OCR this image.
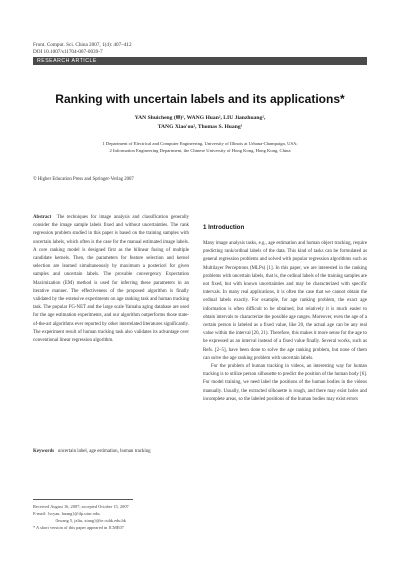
Front. Comput. Sci. China 2007, 1(4): 407–412
DOI 10.1007/s11704-007-0039-7
RESEARCH ARTICLE
Ranking with uncertain labels and its applications*
YAN Shuicheng (✉)¹, WANG Huan², LIU Jianzhuang²,
TANG Xiao'ou², Thomas S. Huang¹
1 Department of Electrical and Computer Engineering, University of Illinois at Urbana-Champaign, USA;
2 Information Engineering Department, the Chinese University of Hong Kong, Hong Kong, China
© Higher Education Press and Springer-Verlag 2007

Abstract The techniques for image analysis and classification generally consider the image sample labels fixed and without uncertainties. The rank regression problem studied in this paper is based on the training samples with uncertain labels, which often is the case for the manual estimated image labels. A core ranking model is designed first as the bilinear fusing of multiple candidate kernels. Then, the parameters for feature selection and kernel selection are learned simultaneously by maximum a posteriori for given samples and uncertain labels. The provable convergency Expectation Maximization (EM) method is used for inferring these parameters in an iterative manner. The effectiveness of the proposed algorithm is finally validated by the extensive experiments on age ranking task and human tracking task. The popular FG-NET and the large scale Yamaha aging database are used for the age estimation experiments, and our algorithm outperforms those state-of-the-art algorithms ever reported by other interrelated literatures significantly. The experiment result of human tracking task also validates its advantage over conventional linear regression algorithm.

Keywords uncertain label, age estimation, human tracking

Received August 16, 2007; accepted October 15, 2007
E-mail: {scyan, huang}@ifp.uiuc.edu,
{hwang 5, jzliu, xtang}@ie.cuhk.edu.hk
* A short version of this paper appeared in ICME07
1 Introduction

Many image analysis tasks, e.g., age estimation and human object tracking, require predicting rank/ordinal labels of the data. This kind of tasks can be formulated as general regression problems and solved with popular regression algorithms such as Multilayer Perceptrons (MLPs) [1]. In this paper, we are interested in the ranking problems with uncertain labels, that is, the ordinal labels of the training samples are not fixed, but with known uncertainties and may be characterized with specific intervals. In many real applications, it is often the case that we cannot obtain the ordinal labels exactly. For example, for age ranking problem, the exact age information is often difficult to be obtained, but relatively it is much easier to obtain intervals to characterize the possible age ranges. Moreover, even the age of a certain person is labeled as a fixed value, like 20, the actual age can be any real value within the interval [20, 21). Therefore, this makes it more sense for the age to be expressed as an interval instead of a fixed value finally. Several works, such as Refs. [2–5], have been done to solve the age ranking problem, but none of them can solve the age ranking problem with uncertain labels.

For the problem of human tracking in videos, an interesting way for human tracking is to utilize person silhouette to predict the position of the human body [6]. For model training, we need label the positions of the human bodies in the videos manually. Usually, the extracted silhouette is rough, and there may exist holes and incomplete areas, so the labeled positions of the human bodies may exist errors
